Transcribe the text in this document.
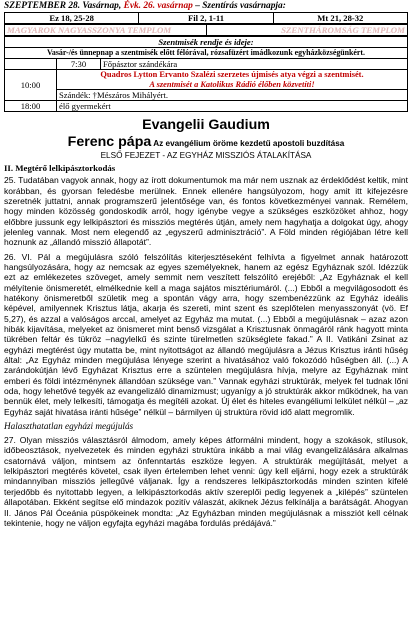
SZEPTEMBER 28. Vasárnap, Évk. 26. vasárnap – Szentírás vasárnapja:
Ez 18, 25-28	Fil 2, 1-11	Mt 21, 28-32
MAGYAROK NAGYASSZONYA TEMPLOM	SZENTHÁROMSÁG TEMPLOM
Szentmisék rendje és ideje:		
Vasár-/és ünnepnap a szentmisék előtt félórával, rózsafüzért imádkozunk egyházközségünkért.		
	7:30	Főpásztor szándékára
10:00	Quadros Lytton Ervanto Szalézi szerzetes újmisés atya végzi a szentmisét.
A szentmisét a Katolikus Rádió élőben közvetíti!	

	Szándék: †Mészáros Mihályért.	
18:00	élő gyermekért	
Evangelii Gaudium
Ferenc pápa Az evangélium öröme kezdetű apostoli buzdítása
ELSŐ FEJEZET - AZ EGYHÁZ MISSZIÓS ÁTALAKÍTÁSA
II. Megtérő lelkipásztorkodás

25. Tudatában vagyok annak, hogy az írott dokumentumok ma már nem usznak az érdeklődést keltik, mint korábban, és gyorsan feledésbe merülnek. Ennek ellenére hangsúlyozom, hogy amit itt kifejezésre szeretnék juttatni, annak programszerű jelentősége van, és fontos következményei vannak. Remélem, hogy minden közösség gondoskodik arról, hogy igénybe vegye a szükséges eszközöket ahhoz, hogy előbbre jussunk egy lelkipásztori és missziós megtérés útján, amely nem hagyhatja a dolgokat úgy, ahogy jelenleg vannak. Most nem elegendő az „egyszerű adminisztráció”. A Föld minden régiójában létre kell hoznunk az „állandó misszió állapotát”.

26. VI. Pál a megújulásra szóló felszólítás kiterjesztéseként felhívta a figyelmet annak határozott hangsúlyozására, hogy az nemcsak az egyes személyeknek, hanem az egész Egyháznak szól. Idézzük ezt az emlékezetes szöveget, amely semmit nem veszített felszólító erejéből: „Az Egyháznak el kell mélyítenie önismeretét, elmélkednie kell a maga sajátos misztériumáról. (...) Ebből a megvilágosodott és hatékony önismeretből születik meg a spontán vágy arra, hogy szembenézzünk az Egyház ideális képével, amilyennek Krisztus látja, akarja és szereti, mint szent és szeplőtelen menyasszonyát (vö. Ef 5,27), és azzal a valóságos arccal, amelyet az Egyház ma mutat. (...) Ebből a megújulásnak – azaz azon hibák kijavítása, melyeket az önismeret mint benső vizsgálat a Krisztusnak önmagáról ránk hagyott minta tükrében feltár és tükröz –nagylelkű és szinte türelmetlen szükséglete fakad.” A II. Vatikáni Zsinat az egyházi megtérést úgy mutatta be, mint nyitottságot az állandó megújulásra a Jézus Krisztus iránti hűség által: „Az Egyház minden megújulása lényege szerint a hivatásához való fokozódó hűségben áll. (...) A zarándokútján lévő Egyházat Krisztus erre a szüntelen megújulásra hívja, melyre az Egyháznak mint emberi és földi intézménynek állandóan szüksége van.” Vannak egyházi struktúrák, melyek fel tudnak lőni oda, hogy lehetővé tegyék az evangelizáló dinamizmust; ugyanígy a jó struktúrák akkor működnek, ha van bennük élet, mely lelkesíti, támogatja és megítéli azokat. Új élet és hiteles evangéliumi lelkület nélkül – „az Egyház saját hivatása iránti hűsége” nélkül – bármilyen új struktúra rövid idő alatt megromlik.

Halaszthatatlan egyházi megújulás

27. Olyan missziós választásról álmodom, amely képes átformálni mindent, hogy a szokások, stílusok, időbeosztások, nyelvezetek és minden egyházi struktúra inkább a mai világ evangelizálására alkalmas csatornává váljon, mintsem az önfenntartás eszköze legyen. A struktúrák megújítását, melyet a lelkipásztori megtérés követel, csak ilyen értelemben lehet venni: úgy kell eljárni, hogy ezek a struktúrák mindannyiban missziós jellegűvé váljanak. Így a rendszeres lelkipásztorkodás minden szinten kifelé terjedőbb és nyitottabb legyen, a lelkipásztorkodás aktív szereplői pedig legyenek a „kilépés” szüntelen állapotában. Ekként segítse elő mindazok pozitív válaszát, akiknek Jézus felkínálja a barátságát. Ahogyan II. János Pál Óceánia püspökeinek mondta: „Az Egyházban minden megújulásnak a missziót kell célnak tekintenie, hogy ne váljon egyfajta egyházi magába fordulás prédájává.”
